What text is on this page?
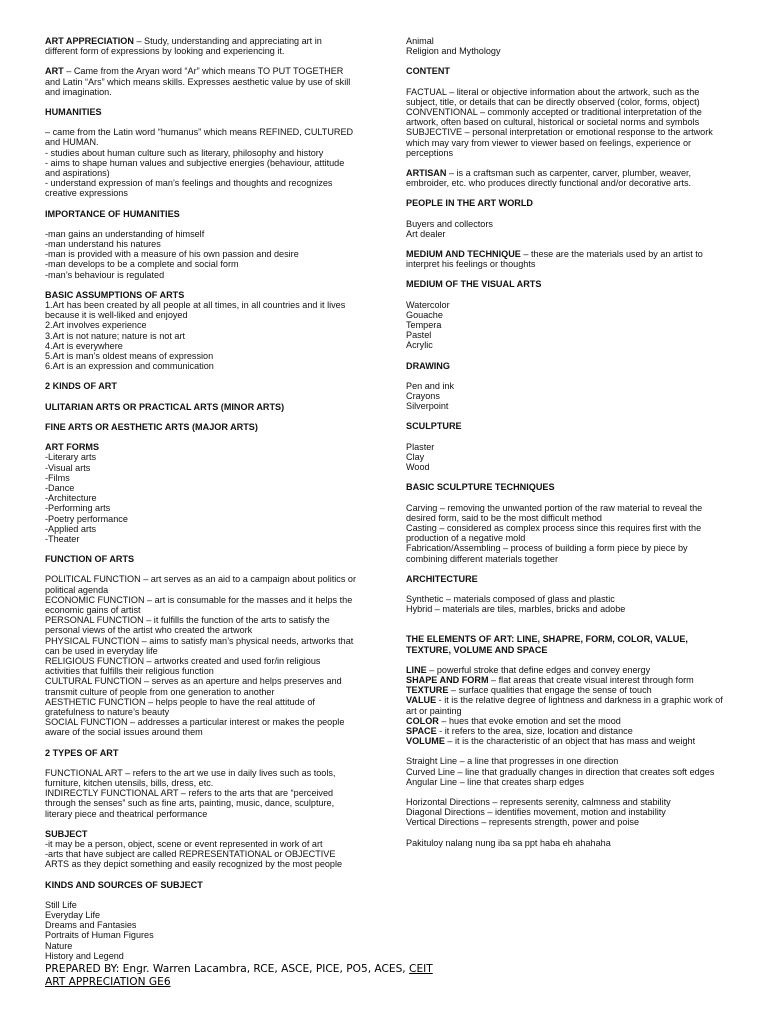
ART APPRECIATION – Study, understanding and appreciating art in different form of expressions by looking and experiencing it.

ART – Came from the Aryan word “Ar” which means TO PUT TOGETHER and Latin “Ars” which means skills. Expresses aesthetic value by use of skill and imagination.

HUMANITIES

– came from the Latin word “humanus” which means REFINED, CULTURED and HUMAN.

- studies about human culture such as literary, philosophy and history

- aims to shape human values and subjective energies (behaviour, attitude and aspirations)

- understand expression of man’s feelings and thoughts and recognizes creative expressions

IMPORTANCE OF HUMANITIES

-man gains an understanding of himself

-man understand his natures

-man is provided with a measure of his own passion and desire

-man develops to be a complete and social form

-man’s behaviour is regulated

BASIC ASSUMPTIONS OF ARTS

1.Art has been created by all people at all times, in all countries and it lives because it is well-liked and enjoyed

2.Art involves experience

3.Art is not nature; nature is not art

4.Art is everywhere

5.Art is man’s oldest means of expression

6.Art is an expression and communication

2 KINDS OF ART

ULITARIAN ARTS OR PRACTICAL ARTS (MINOR ARTS)

FINE ARTS OR AESTHETIC ARTS (MAJOR ARTS)

ART FORMS

-Literary arts

-Visual arts

-Films

-Dance

-Architecture

-Performing arts

-Poetry performance

-Applied arts

-Theater

FUNCTION OF ARTS

POLITICAL FUNCTION – art serves as an aid to a campaign about politics or political agenda

ECONOMIC FUNCTION – art is consumable for the masses and it helps the economic gains of artist

PERSONAL FUNCTION – it fulfills the function of the arts to satisfy the personal views of the artist who created the artwork

PHYSICAL FUNCTION – aims to satisfy man’s physical needs, artworks that can be used in everyday life

RELIGIOUS FUNCTION – artworks created and used for/in religious activities that fulfills their religious function

CULTURAL FUNCTION – serves as an aperture and helps preserves and transmit culture of people from one generation to another

AESTHETIC FUNCTION – helps people to have the real attitude of gratefulness to nature’s beauty

SOCIAL FUNCTION – addresses a particular interest or makes the people aware of the social issues around them

2 TYPES OF ART

FUNCTIONAL ART – refers to the art we use in daily lives such as tools, furniture, kitchen utensils, bills, dress, etc.

INDIRECTLY FUNCTIONAL ART – refers to the arts that are “perceived through the senses” such as fine arts, painting, music, dance, sculpture, literary piece and theatrical performance

SUBJECT

-it may be a person, object, scene or event represented in work of art

-arts that have subject are called REPRESENTATIONAL or OBJECTIVE ARTS as they depict something and easily recognized by the most people

KINDS AND SOURCES OF SUBJECT

Still Life

Everyday Life

Dreams and Fantasies

Portraits of Human Figures

Nature

History and Legend

Animal

Religion and Mythology

CONTENT

FACTUAL – literal or objective information about the artwork, such as the subject, title, or details that can be directly observed (color, forms, object)

CONVENTIONAL – commonly accepted or traditional interpretation of the artwork, often based on cultural, historical or societal norms and symbols

SUBJECTIVE – personal interpretation or emotional response to the artwork which may vary from viewer to viewer based on feelings, experience or perceptions

ARTISAN – is a craftsman such as carpenter, carver, plumber, weaver, embroider, etc. who produces directly functional and/or decorative arts.

PEOPLE IN THE ART WORLD

Buyers and collectors

Art dealer

MEDIUM AND TECHNIQUE – these are the materials used by an artist to interpret his feelings or thoughts

MEDIUM OF THE VISUAL ARTS

Watercolor

Gouache

Tempera

Pastel

Acrylic

DRAWING

Pen and ink

Crayons

Silverpoint

SCULPTURE

Plaster

Clay

Wood

BASIC SCULPTURE TECHNIQUES

Carving – removing the unwanted portion of the raw material to reveal the desired form, said to be the most difficult method

Casting – considered as complex process since this requires first with the production of a negative mold

Fabrication/Assembling – process of building a form piece by piece by combining different materials together

ARCHITECTURE

Synthetic – materials composed of glass and plastic

Hybrid – materials are tiles, marbles, bricks and adobe

THE ELEMENTS OF ART: LINE, SHAPRE, FORM, COLOR, VALUE, TEXTURE, VOLUME AND SPACE

LINE – powerful stroke that define edges and convey energy

SHAPE AND FORM – flat areas that create visual interest through form

TEXTURE – surface qualities that engage the sense of touch

VALUE - it is the relative degree of lightness and darkness in a graphic work of art or painting

COLOR – hues that evoke emotion and set the mood

SPACE - it refers to the area, size, location and distance

VOLUME – it is the characteristic of an object that has mass and weight

Straight Line – a line that progresses in one direction

Curved Line – line that gradually changes in direction that creates soft edges

Angular Line – line that creates sharp edges

Horizontal Directions – represents serenity, calmness and stability

Diagonal Directions – identifies movement, motion and instability

Vertical Directions – represents strength, power and poise

Pakituloy nalang nung iba sa ppt haba eh ahahaha

PREPARED BY: Engr. Warren Lacambra, RCE, ASCE, PICE, PO5, ACES, CEIT

ART APPRECIATION GE6
